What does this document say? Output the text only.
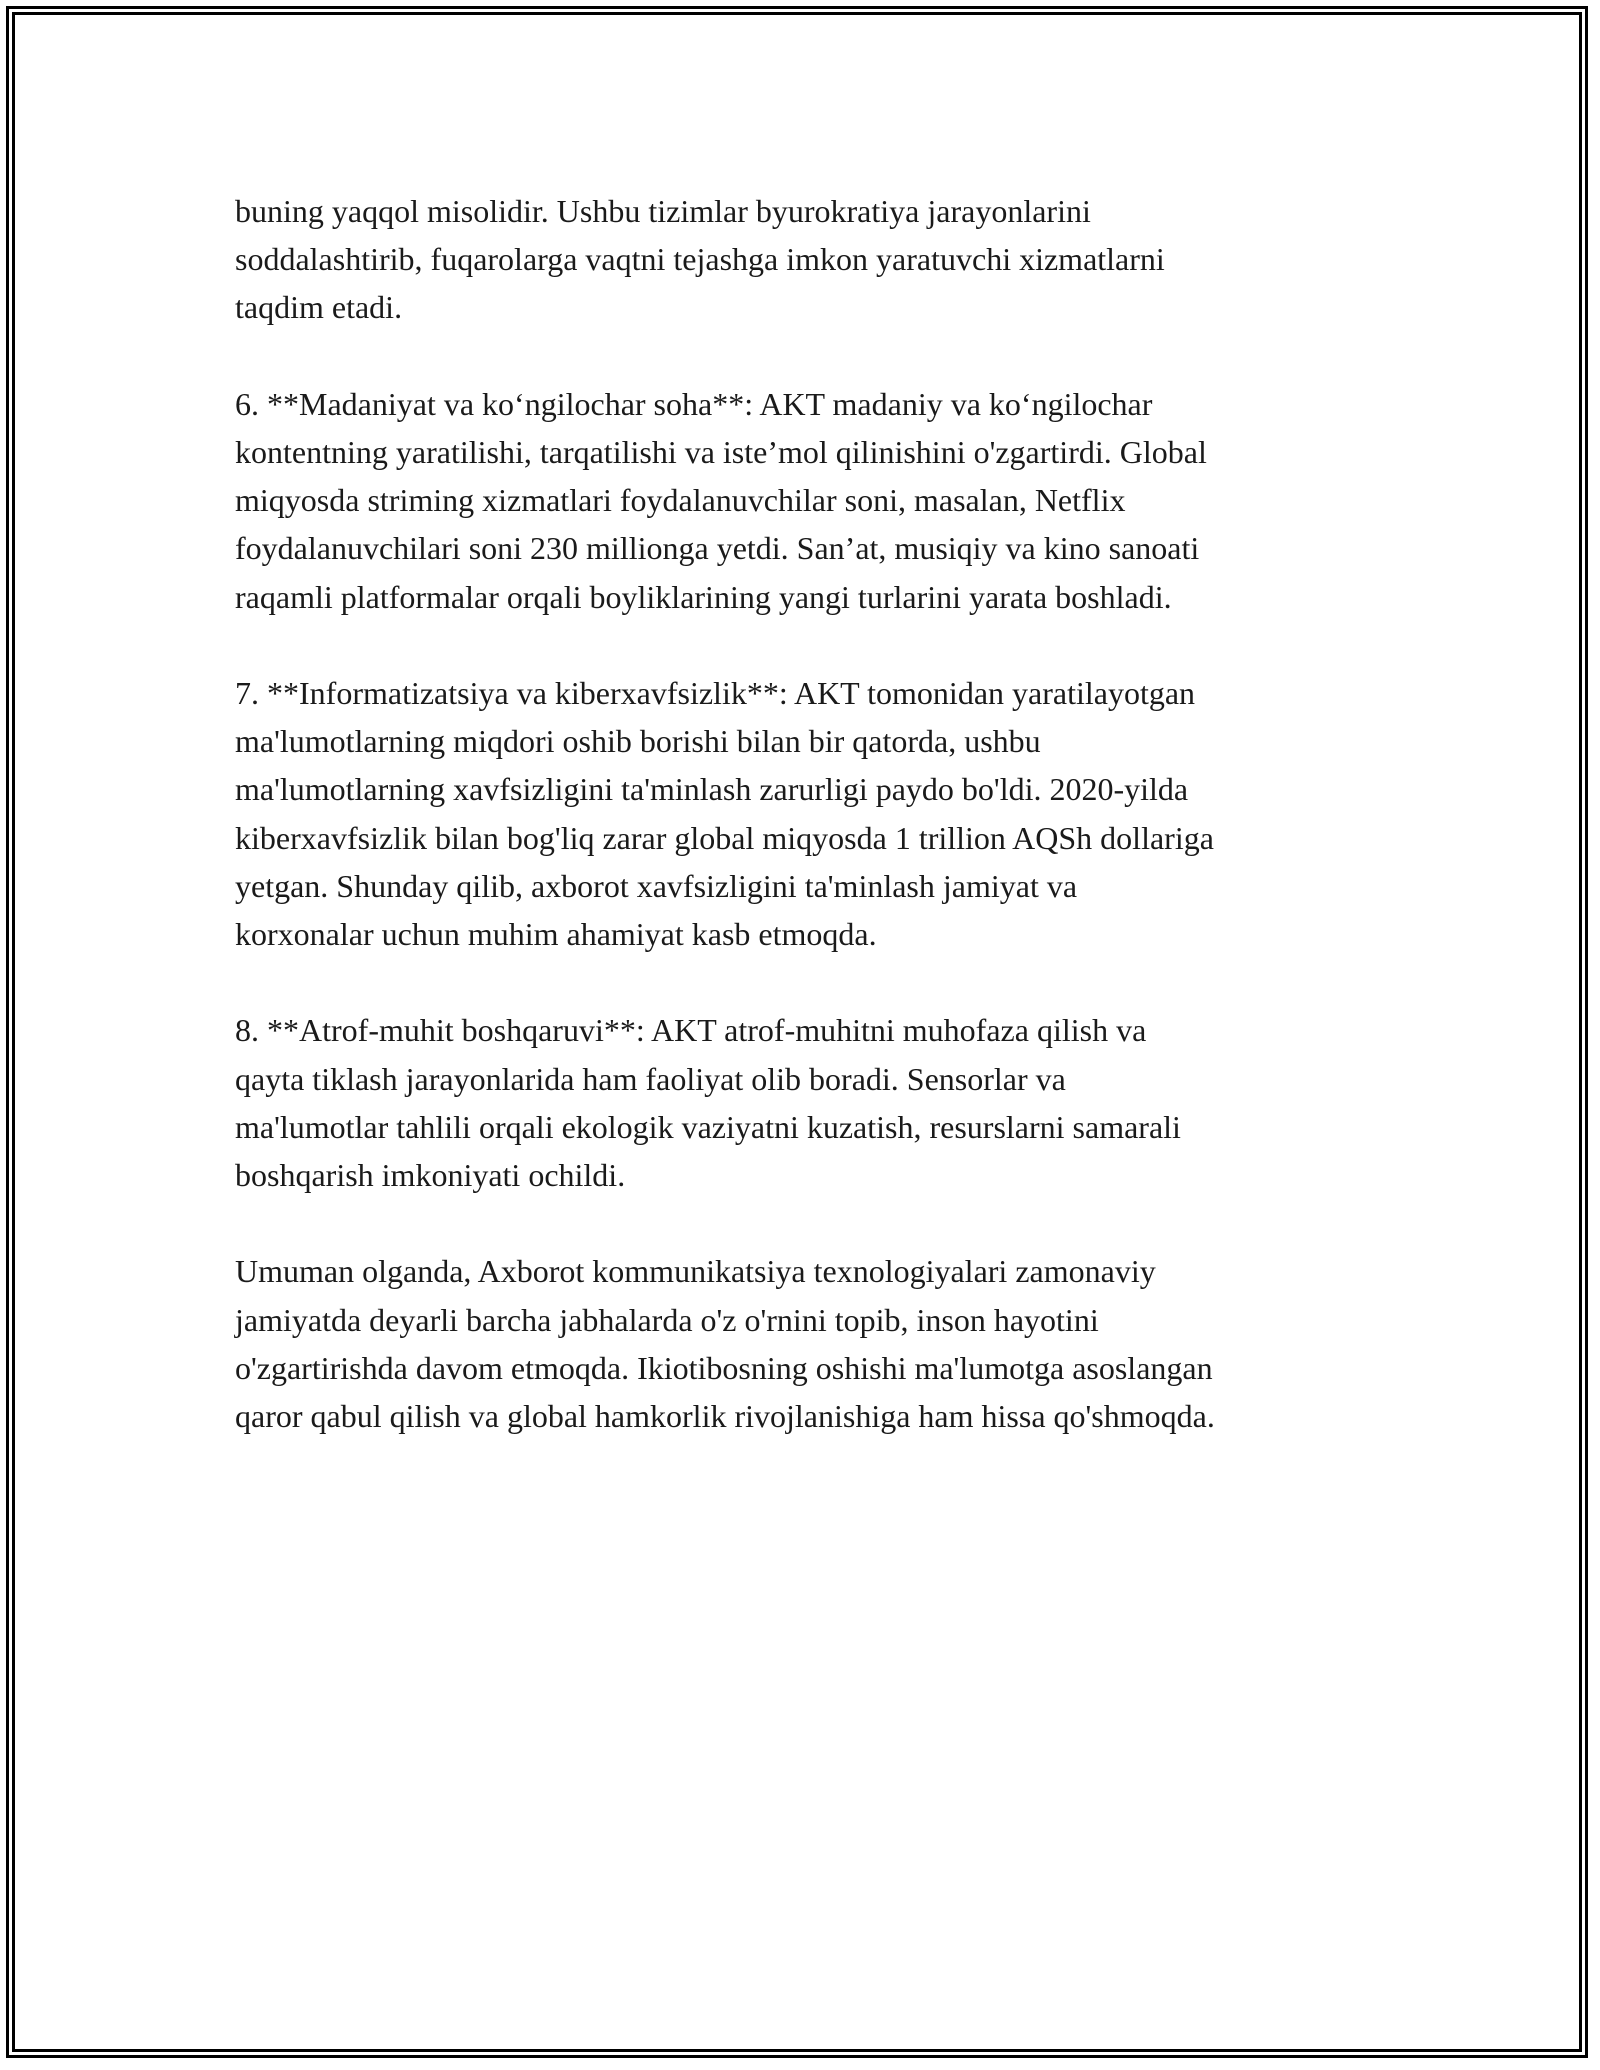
buning yaqqol misolidir. Ushbu tizimlar byurokratiya jarayonlarini
soddalashtirib, fuqarolarga vaqtni tejashga imkon yaratuvchi xizmatlarni
taqdim etadi.
6. **Madaniyat va ko‘ngilochar soha**: AKT madaniy va ko‘ngilochar
kontentning yaratilishi, tarqatilishi va iste’mol qilinishini o'zgartirdi. Global
miqyosda striming xizmatlari foydalanuvchilar soni, masalan, Netflix
foydalanuvchilari soni 230 millionga yetdi. San’at, musiqiy va kino sanoati
raqamli platformalar orqali boyliklarining yangi turlarini yarata boshladi.
7. **Informatizatsiya va kiberxavfsizlik**: AKT tomonidan yaratilayotgan
ma'lumotlarning miqdori oshib borishi bilan bir qatorda, ushbu
ma'lumotlarning xavfsizligini ta'minlash zarurligi paydo bo'ldi. 2020-yilda
kiberxavfsizlik bilan bog'liq zarar global miqyosda 1 trillion AQSh dollariga
yetgan. Shunday qilib, axborot xavfsizligini ta'minlash jamiyat va
korxonalar uchun muhim ahamiyat kasb etmoqda.
8. **Atrof-muhit boshqaruvi**: AKT atrof-muhitni muhofaza qilish va
qayta tiklash jarayonlarida ham faoliyat olib boradi. Sensorlar va
ma'lumotlar tahlili orqali ekologik vaziyatni kuzatish, resurslarni samarali
boshqarish imkoniyati ochildi.
Umuman olganda, Axborot kommunikatsiya texnologiyalari zamonaviy
jamiyatda deyarli barcha jabhalarda o'z o'rnini topib, inson hayotini
o'zgartirishda davom etmoqda. Ikiotibosning oshishi ma'lumotga asoslangan
qaror qabul qilish va global hamkorlik rivojlanishiga ham hissa qo'shmoqda.
